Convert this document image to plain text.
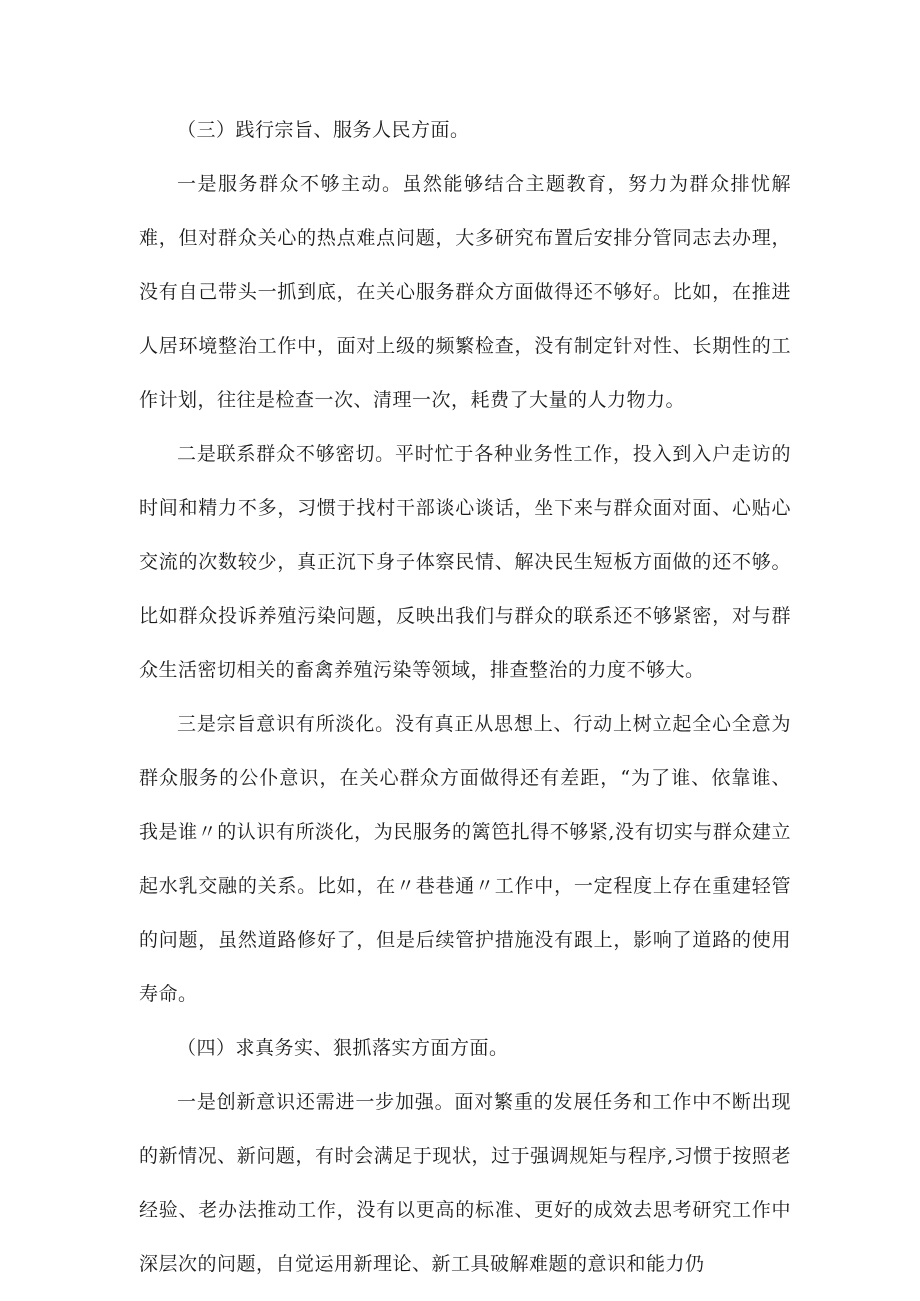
（三）践行宗旨、服务人民方面。

一是服务群众不够主动。虽然能够结合主题教育，努力为群众排忧解难，但对群众关心的热点难点问题，大多研究布置后安排分管同志去办理，没有自己带头一抓到底，在关心服务群众方面做得还不够好。比如，在推进人居环境整治工作中，面对上级的频繁检查，没有制定针对性、长期性的工作计划，往往是检查一次、清理一次，耗费了大量的人力物力。

二是联系群众不够密切。平时忙于各种业务性工作，投入到入户走访的时间和精力不多，习惯于找村干部谈心谈话，坐下来与群众面对面、心贴心交流的次数较少，真正沉下身子体察民情、解决民生短板方面做的还不够。比如群众投诉养殖污染问题，反映出我们与群众的联系还不够紧密，对与群众生活密切相关的畜禽养殖污染等领域，排查整治的力度不够大。

三是宗旨意识有所淡化。没有真正从思想上、行动上树立起全心全意为群众服务的公仆意识，在关心群众方面做得还有差距，“为了谁、依靠谁、我是谁〃的认识有所淡化，为民服务的篱笆扎得不够紧,没有切实与群众建立起水乳交融的关系。比如，在〃巷巷通〃工作中，一定程度上存在重建轻管的问题，虽然道路修好了，但是后续管护措施没有跟上，影响了道路的使用寿命。

（四）求真务实、狠抓落实方面方面。

一是创新意识还需进一步加强。面对繁重的发展任务和工作中不断出现的新情况、新问题，有时会满足于现状，过于强调规矩与程序,习惯于按照老经验、老办法推动工作，没有以更高的标准、更好的成效去思考研究工作中深层次的问题，自觉运用新理论、新工具破解难题的意识和能力仍
